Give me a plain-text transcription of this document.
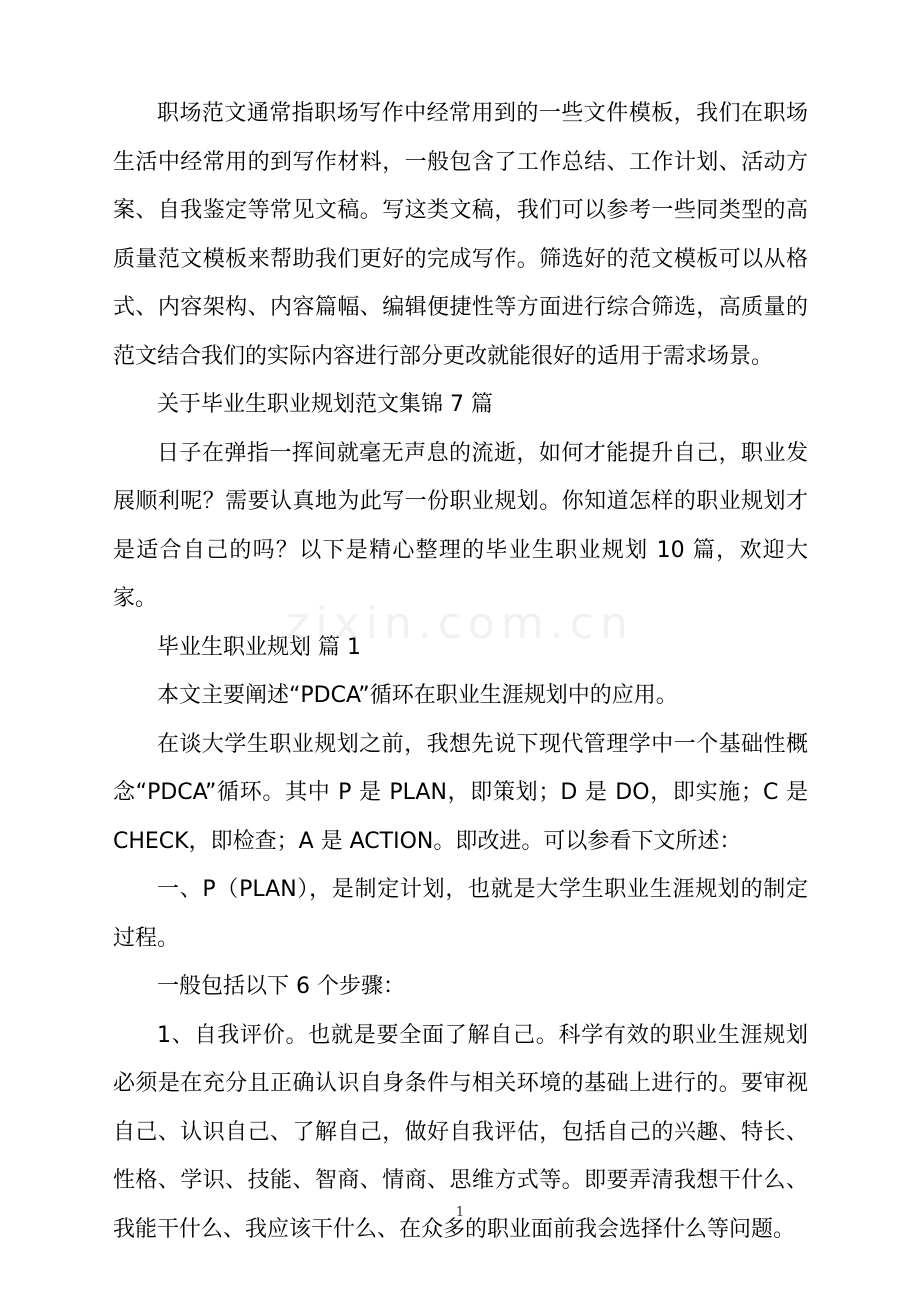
职场范文通常指职场写作中经常用到的一些文件模板，我们在职场生活中经常用的到写作材料，一般包含了工作总结、工作计划、活动方案、自我鉴定等常见文稿。写这类文稿，我们可以参考一些同类型的高质量范文模板来帮助我们更好的完成写作。筛选好的范文模板可以从格式、内容架构、内容篇幅、编辑便捷性等方面进行综合筛选，高质量的范文结合我们的实际内容进行部分更改就能很好的适用于需求场景。

关于毕业生职业规划范文集锦 7 篇

日子在弹指一挥间就毫无声息的流逝，如何才能提升自己，职业发展顺利呢？需要认真地为此写一份职业规划。你知道怎样的职业规划才是适合自己的吗？以下是精心整理的毕业生职业规划 10 篇，欢迎大家。

毕业生职业规划 篇 1

本文主要阐述“PDCA”循环在职业生涯规划中的应用。

在谈大学生职业规划之前，我想先说下现代管理学中一个基础性概念“PDCA”循环。其中 P 是 PLAN，即策划；D 是 DO，即实施；C 是 CHECK，即检查；A 是 ACTION。即改进。可以参看下文所述：

一、P（PLAN），是制定计划，也就是大学生职业生涯规划的制定过程。

一般包括以下 6 个步骤：

1、自我评价。也就是要全面了解自己。科学有效的职业生涯规划必须是在充分且正确认识自身条件与相关环境的基础上进行的。要审视自己、认识自己、了解自己，做好自我评估，包括自己的兴趣、特长、性格、学识、技能、智商、情商、思维方式等。即要弄清我想干什么、我能干什么、我应该干什么、在众多的职业面前我会选择什么等问题。

zixin.com.cn
1
